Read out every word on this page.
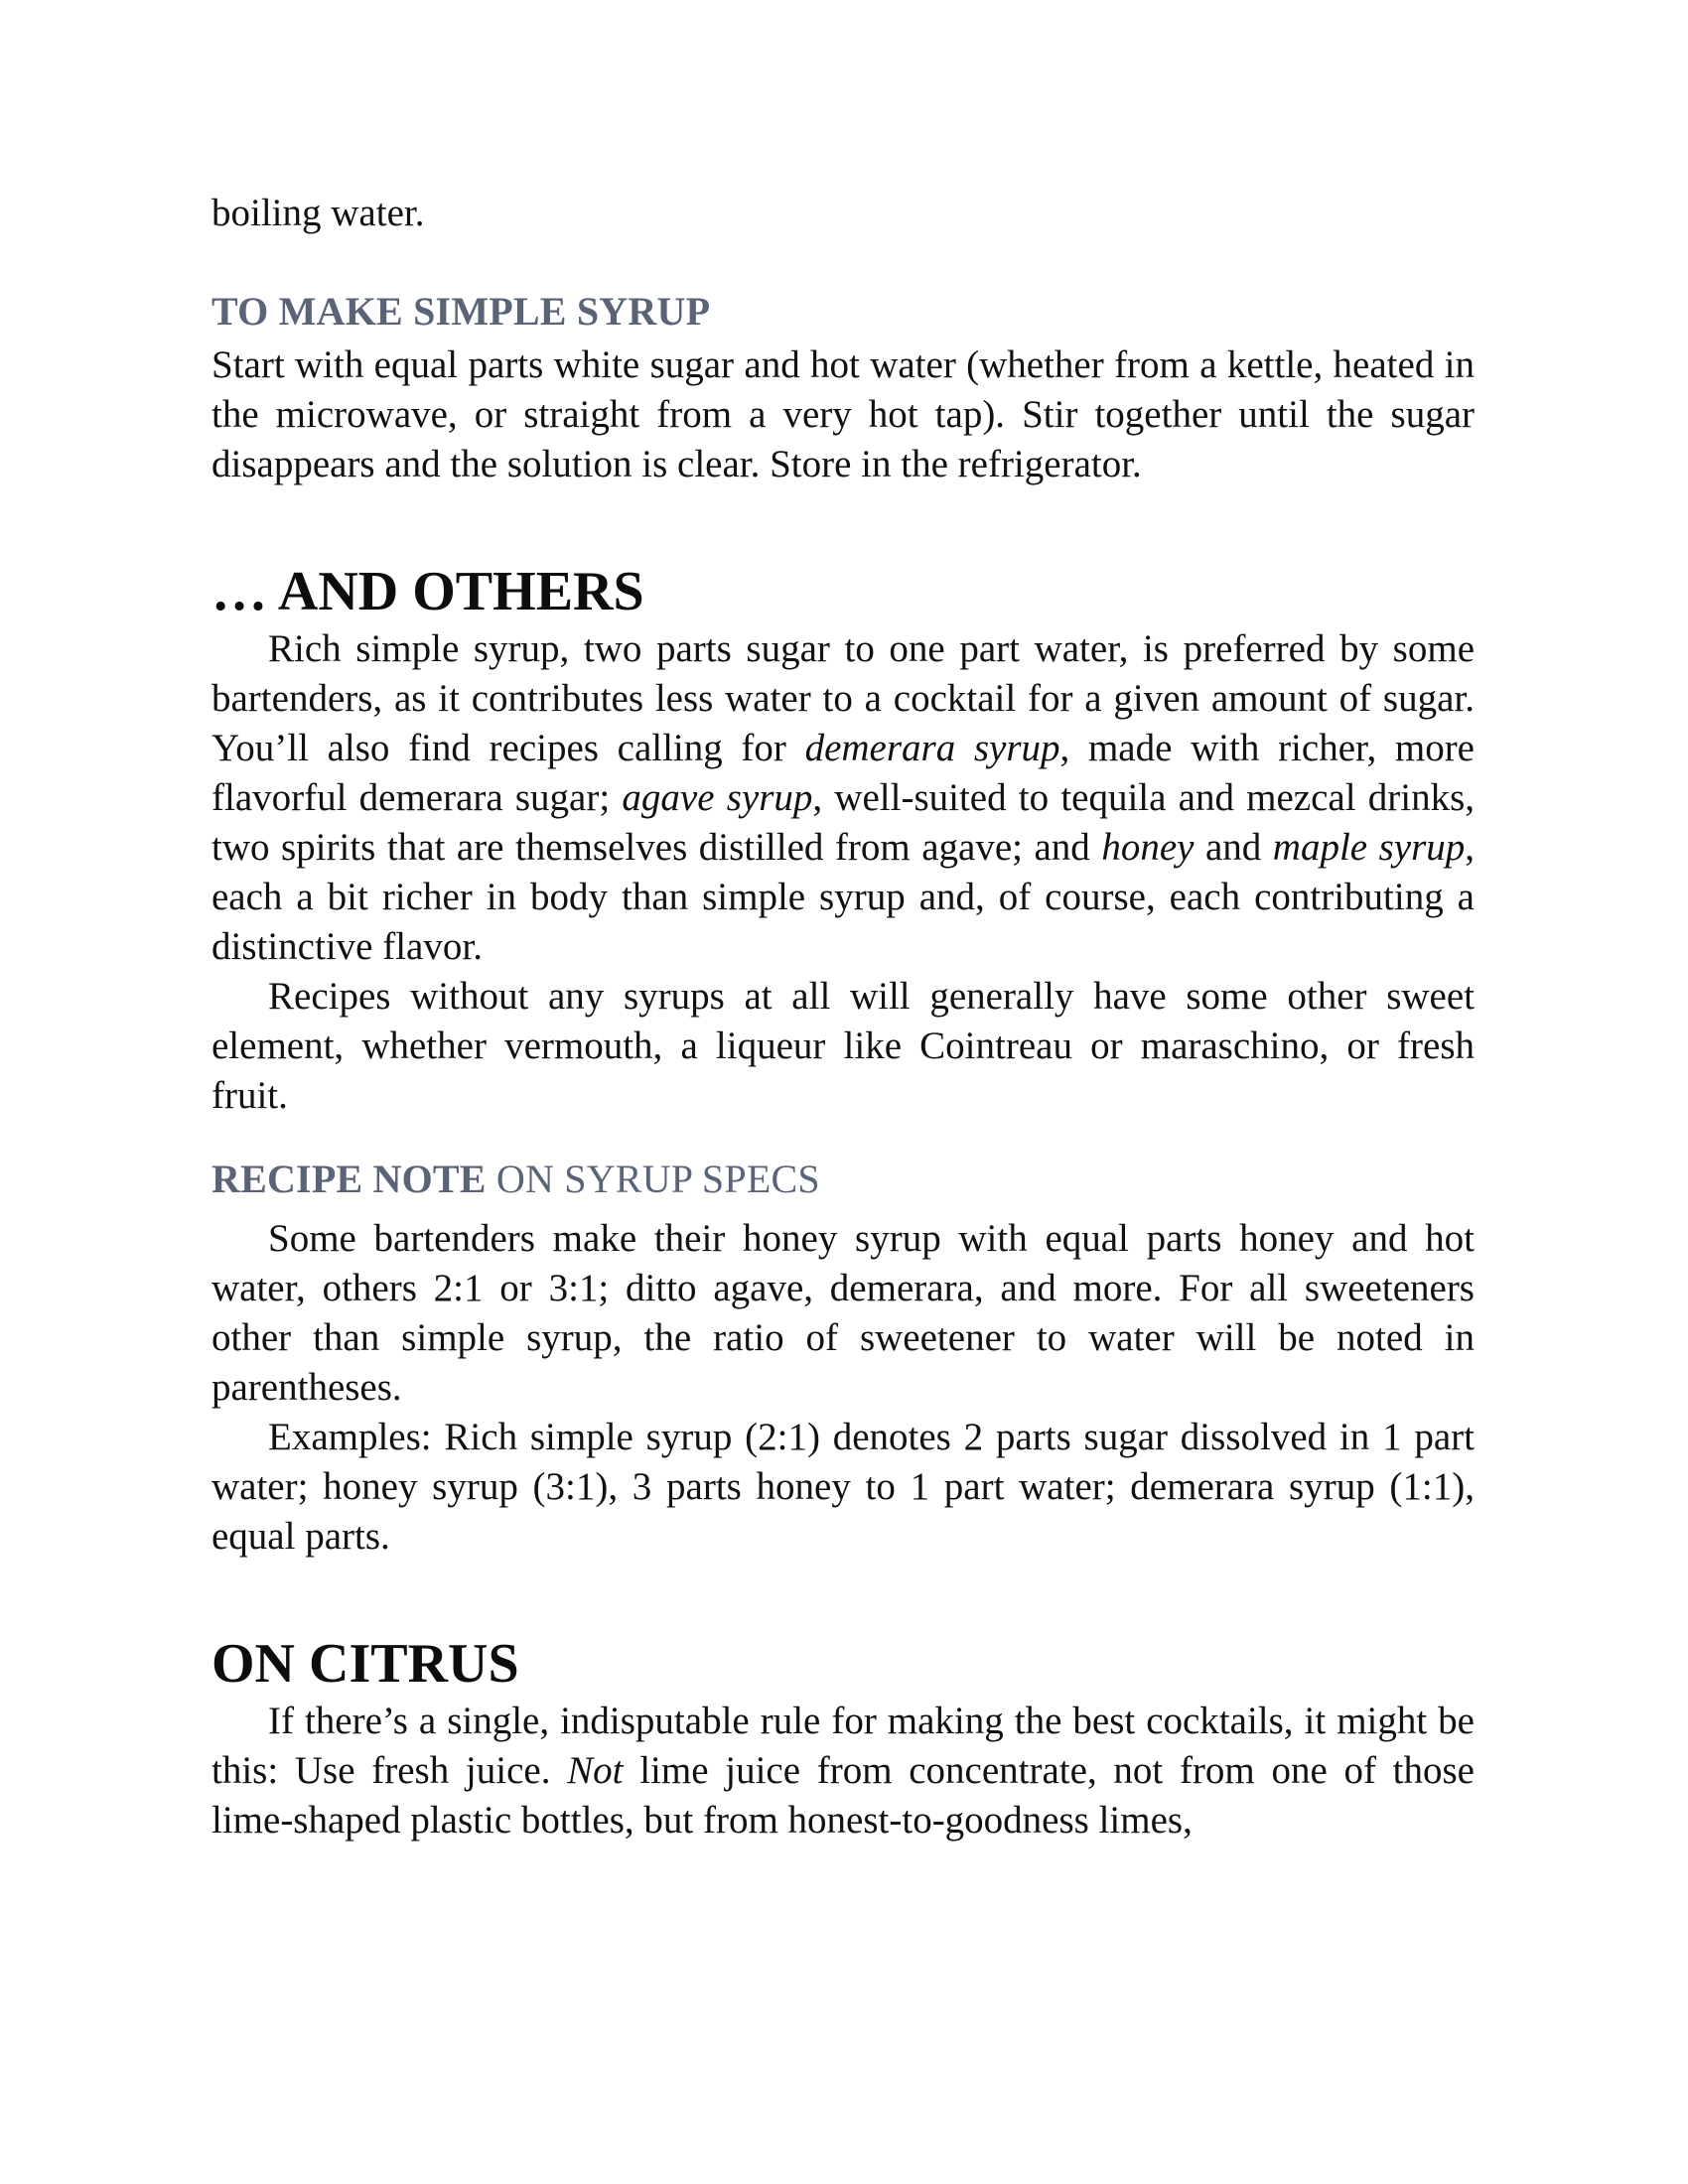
boiling water.

TO MAKE SIMPLE SYRUP

Start with equal parts white sugar and hot water (whether from a kettle, heated in the microwave, or straight from a very hot tap). Stir together until the sugar disappears and the solution is clear. Store in the refrigerator.

… AND OTHERS

Rich simple syrup, two parts sugar to one part water, is preferred by some bartenders, as it contributes less water to a cocktail for a given amount of sugar. You’ll also find recipes calling for demerara syrup, made with richer, more flavorful demerara sugar; agave syrup, well-suited to tequila and mezcal drinks, two spirits that are themselves distilled from agave; and honey and maple syrup, each a bit richer in body than simple syrup and, of course, each contributing a distinctive flavor.

Recipes without any syrups at all will generally have some other sweet element, whether vermouth, a liqueur like Cointreau or maraschino, or fresh fruit.

RECIPE NOTE ON SYRUP SPECS

Some bartenders make their honey syrup with equal parts honey and hot water, others 2:1 or 3:1; ditto agave, demerara, and more. For all sweeteners other than simple syrup, the ratio of sweetener to water will be noted in parentheses.

Examples: Rich simple syrup (2:1) denotes 2 parts sugar dissolved in 1 part water; honey syrup (3:1), 3 parts honey to 1 part water; demerara syrup (1:1), equal parts.

ON CITRUS

If there’s a single, indisputable rule for making the best cocktails, it might be this: Use fresh juice. Not lime juice from concentrate, not from one of those lime-shaped plastic bottles, but from honest-to-goodness limes,
